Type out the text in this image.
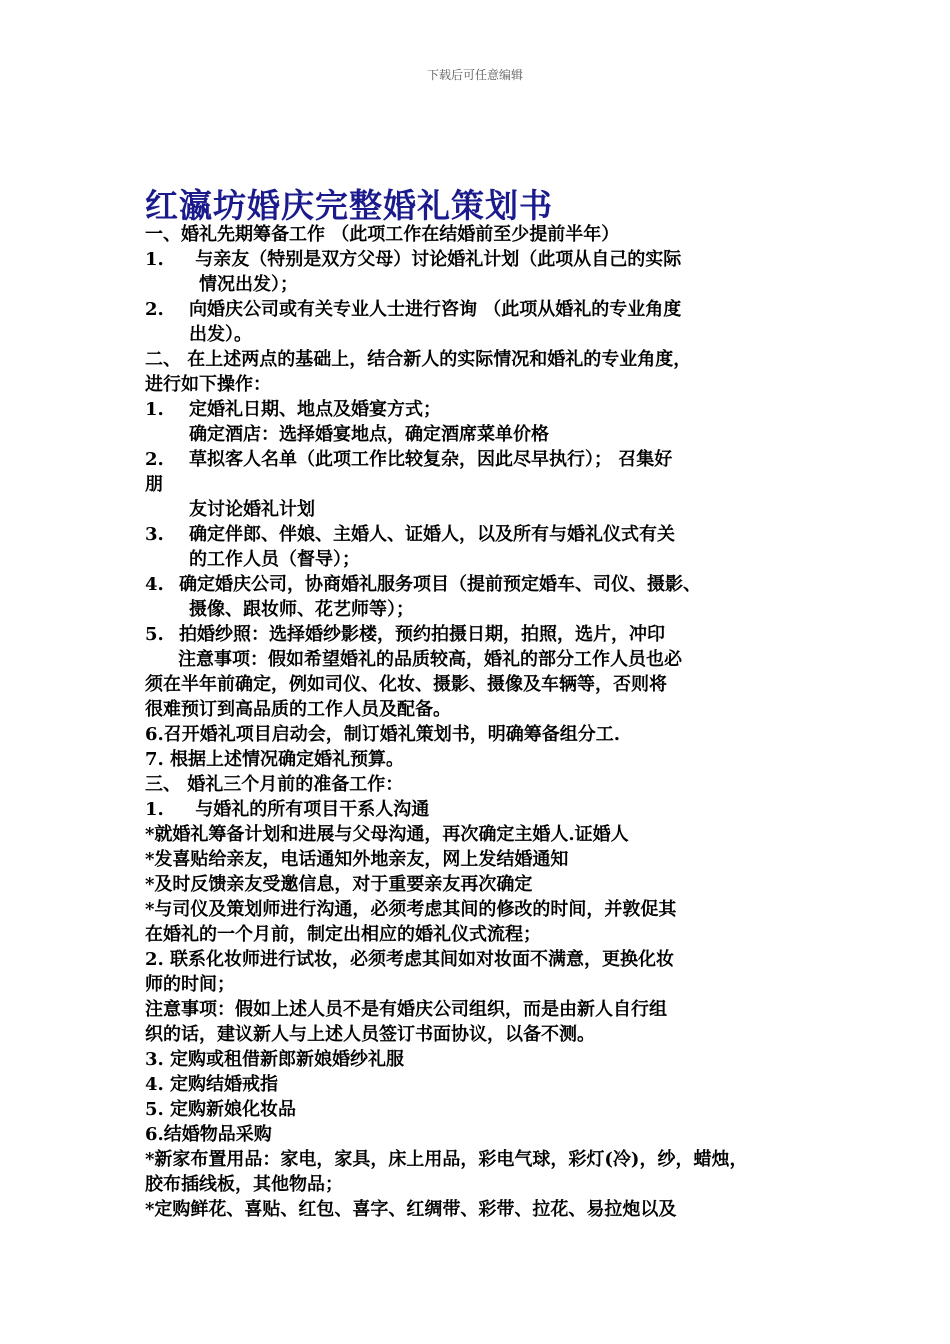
下载后可任意编辑
红瀛坊婚庆完整婚礼策划书
一、婚礼先期筹备工作 （此项工作在结婚前至少提前半年）
1. 与亲友（特别是双方父母）讨论婚礼计划（此项从自己的实际
情况出发）；
2. 向婚庆公司或有关专业人士进行咨询 （此项从婚礼的专业角度
出发）。
二、 在上述两点的基础上，结合新人的实际情况和婚礼的专业角度，
进行如下操作：
1. 定婚礼日期、地点及婚宴方式；
确定酒店：选择婚宴地点，确定酒席菜单价格
2. 草拟客人名单（此项工作比较复杂，因此尽早执行）； 召集好
朋
友讨论婚礼计划
3. 确定伴郎、伴娘、主婚人、证婚人，以及所有与婚礼仪式有关
的工作人员（督导）；
4. 确定婚庆公司，协商婚礼服务项目（提前预定婚车、司仪、摄影、
摄像、跟妆师、花艺师等）；
5. 拍婚纱照：选择婚纱影楼，预约拍摄日期，拍照，选片，冲印
注意事项：假如希望婚礼的品质较高，婚礼的部分工作人员也必
须在半年前确定，例如司仪、化妆、摄影、摄像及车辆等，否则将
很难预订到高品质的工作人员及配备。
6.召开婚礼项目启动会，制订婚礼策划书，明确筹备组分工.
7. 根据上述情况确定婚礼预算。
三、 婚礼三个月前的准备工作：
1. 与婚礼的所有项目干系人沟通
*就婚礼筹备计划和进展与父母沟通，再次确定主婚人.证婚人
*发喜贴给亲友，电话通知外地亲友，网上发结婚通知
*及时反馈亲友受邀信息，对于重要亲友再次确定
*与司仪及策划师进行沟通，必须考虑其间的修改的时间，并敦促其
在婚礼的一个月前，制定出相应的婚礼仪式流程；
2. 联系化妆师进行试妆，必须考虑其间如对妆面不满意，更换化妆
师的时间；
注意事项：假如上述人员不是有婚庆公司组织，而是由新人自行组
织的话，建议新人与上述人员签订书面协议，以备不测。
3. 定购或租借新郎新娘婚纱礼服
4. 定购结婚戒指
5. 定购新娘化妆品
6.结婚物品采购
*新家布置用品：家电，家具，床上用品，彩电气球，彩灯(冷)，纱，蜡烛，
胶布插线板，其他物品；
*定购鲜花、喜贴、红包、喜字、红绸带、彩带、拉花、易拉炮以及
